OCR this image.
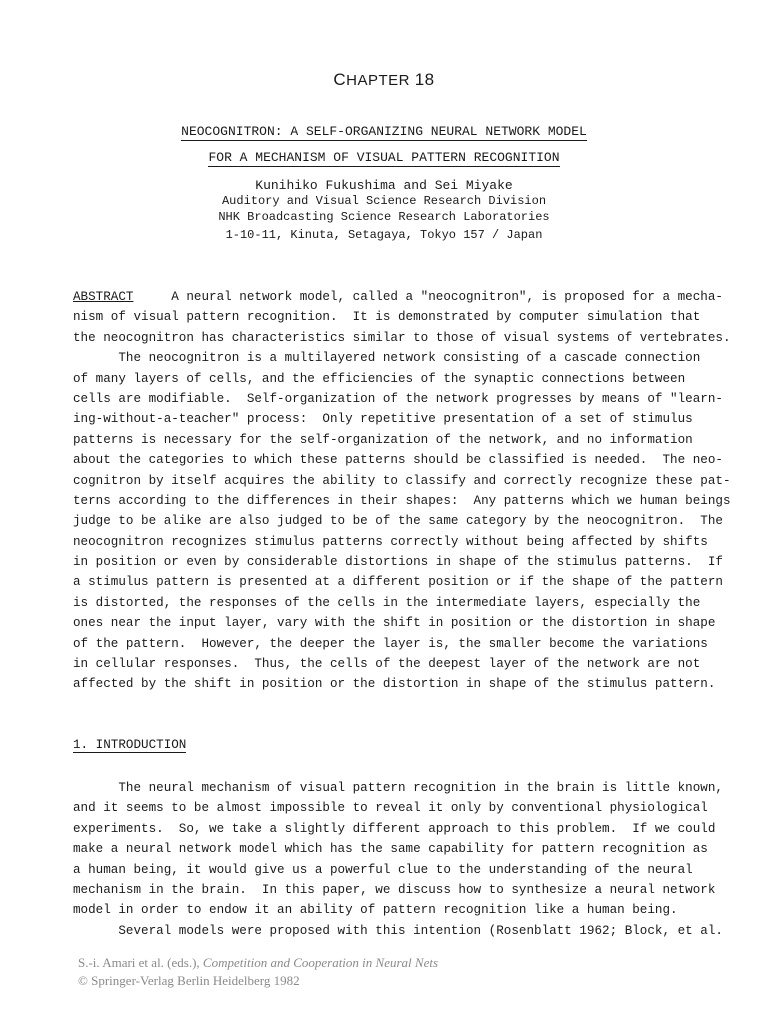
CHAPTER 18
NEOCOGNITRON: A SELF-ORGANIZING NEURAL NETWORK MODEL
FOR A MECHANISM OF VISUAL PATTERN RECOGNITION
Kunihiko Fukushima and Sei Miyake
Auditory and Visual Science Research Division
NHK Broadcasting Science Research Laboratories
1-10-11, Kinuta, Setagaya, Tokyo 157 / Japan
ABSTRACT     A neural network model, called a "neocognitron", is proposed for a mecha-
nism of visual pattern recognition.  It is demonstrated by computer simulation that
the neocognitron has characteristics similar to those of visual systems of vertebrates.
The neocognitron is a multilayered network consisting of a cascade connection
of many layers of cells, and the efficiencies of the synaptic connections between
cells are modifiable.  Self-organization of the network progresses by means of "learn-
ing-without-a-teacher" process:  Only repetitive presentation of a set of stimulus
patterns is necessary for the self-organization of the network, and no information
about the categories to which these patterns should be classified is needed.  The neo-
cognitron by itself acquires the ability to classify and correctly recognize these pat-
terns according to the differences in their shapes:  Any patterns which we human beings
judge to be alike are also judged to be of the same category by the neocognitron.  The
neocognitron recognizes stimulus patterns correctly without being affected by shifts
in position or even by considerable distortions in shape of the stimulus patterns.  If
a stimulus pattern is presented at a different position or if the shape of the pattern
is distorted, the responses of the cells in the intermediate layers, especially the
ones near the input layer, vary with the shift in position or the distortion in shape
of the pattern.  However, the deeper the layer is, the smaller become the variations
in cellular responses.  Thus, the cells of the deepest layer of the network are not
affected by the shift in position or the distortion in shape of the stimulus pattern.
1. INTRODUCTION
The neural mechanism of visual pattern recognition in the brain is little known,
and it seems to be almost impossible to reveal it only by conventional physiological
experiments.  So, we take a slightly different approach to this problem.  If we could
make a neural network model which has the same capability for pattern recognition as
a human being, it would give us a powerful clue to the understanding of the neural
mechanism in the brain.  In this paper, we discuss how to synthesize a neural network
model in order to endow it an ability of pattern recognition like a human being.
Several models were proposed with this intention (Rosenblatt 1962; Block, et al.
S.-i. Amari et al. (eds.), Competition and Cooperation in Neural Nets
© Springer-Verlag Berlin Heidelberg 1982
